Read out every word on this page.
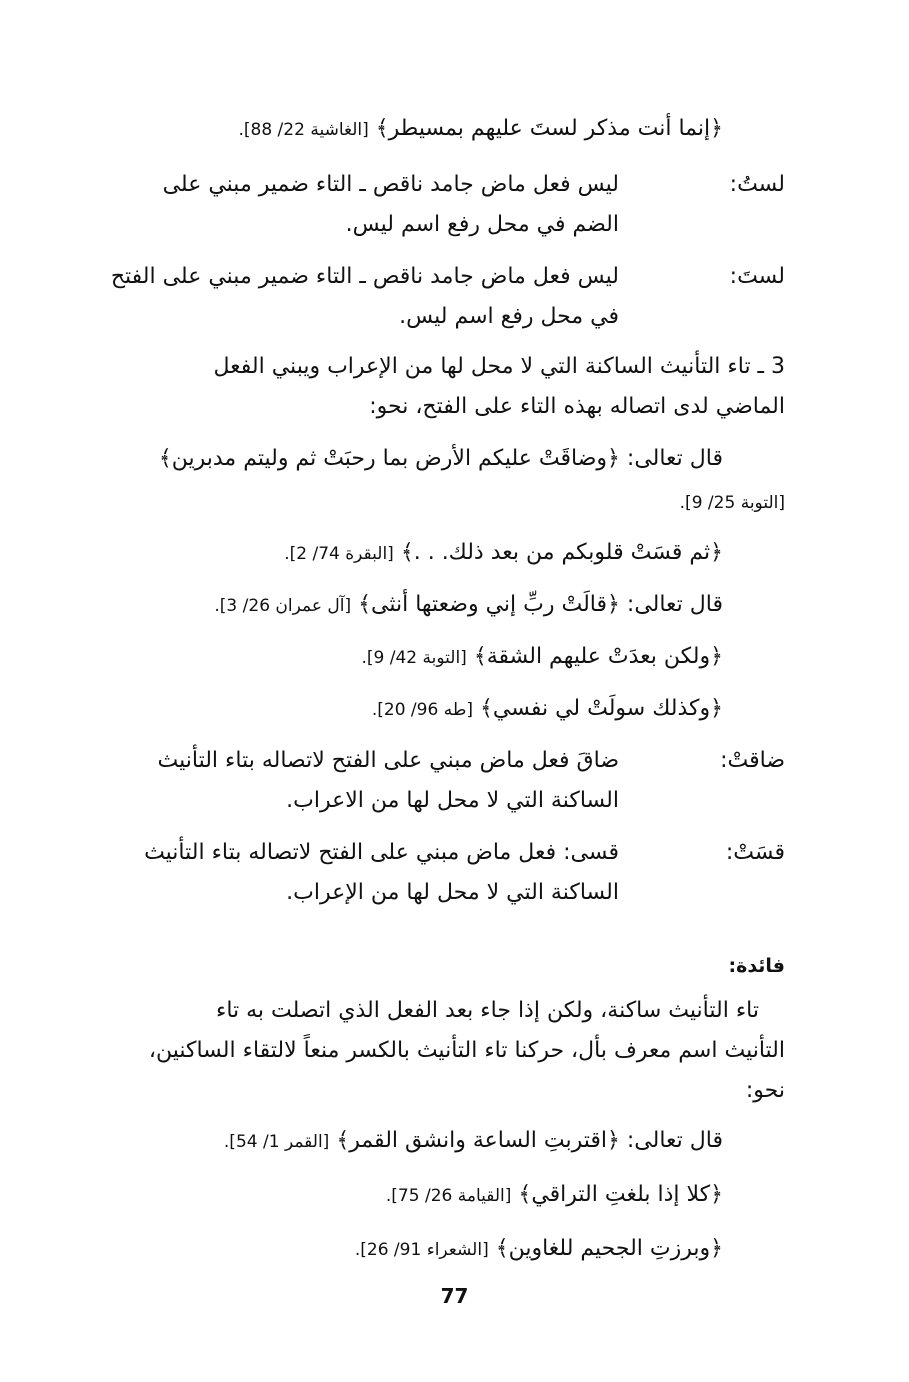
﴿إنما أنت مذكر لستَ عليهم بمسيطر﴾ [الغاشية 22/ 88].
لستُ:
ليس فعل ماض جامد ناقص ـ التاء ضمير مبني على
الضم في محل رفع اسم ليس.
لستَ:
ليس فعل ماض جامد ناقص ـ التاء ضمير مبني على الفتح
في محل رفع اسم ليس.
3 ـ تاء التأنيث الساكنة التي لا محل لها من الإعراب ويبني الفعل
الماضي لدى اتصاله بهذه التاء على الفتح، نحو:
قال تعالى: ﴿وضاقَتْ عليكم الأرض بما رحبَتْ ثم وليتم مدبرين﴾
[التوبة 25/ 9].
﴿ثم قسَتْ قلوبكم من بعد ذلك. . .﴾ [البقرة 74/ 2].
قال تعالى: ﴿قالَتْ ربِّ إني وضعتها أنثى﴾ [آل عمران 26/ 3].
﴿ولكن بعدَتْ عليهم الشقة﴾ [التوبة 42/ 9].
﴿وكذلك سولَتْ لي نفسي﴾ [طه 96/ 20].
ضاقتْ:
ضاقَ فعل ماض مبني على الفتح لاتصاله بتاء التأنيث
الساكنة التي لا محل لها من الاعراب.
قسَتْ:
قسى: فعل ماض مبني على الفتح لاتصاله بتاء التأنيث
الساكنة التي لا محل لها من الإعراب.
فائدة:
تاء التأنيث ساكنة، ولكن إذا جاء بعد الفعل الذي اتصلت به تاء
التأنيث اسم معرف بأل، حركنا تاء التأنيث بالكسر منعاً لالتقاء الساكنين،
نحو:
قال تعالى: ﴿اقتربتِ الساعة وانشق القمر﴾ [القمر 1/ 54].
﴿كلا إذا بلغتِ التراقي﴾ [القيامة 26/ 75].
﴿وبرزتِ الجحيم للغاوين﴾ [الشعراء 91/ 26].
77
